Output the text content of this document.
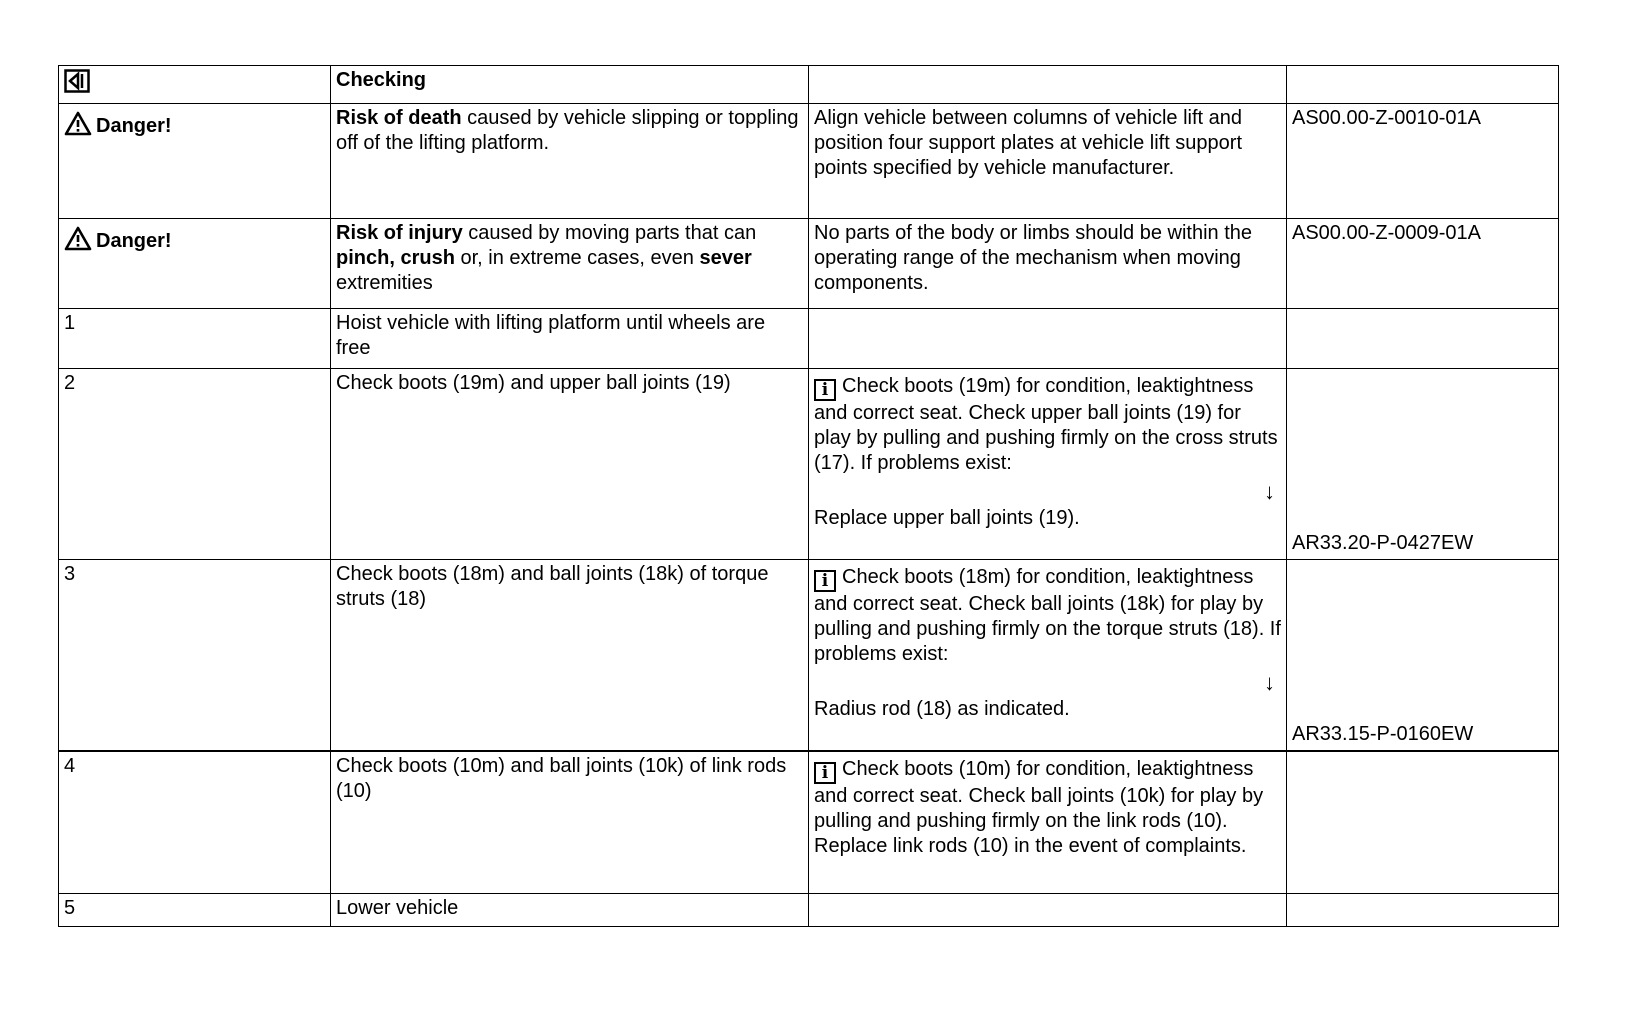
	Checking		
Danger!	Risk of death caused by vehicle slipping or toppling off of the lifting platform.	Align vehicle between columns of vehicle lift and position four support plates at vehicle lift support points specified by vehicle manufacturer.	AS00.00-Z-0010-01A
Danger!	Risk of injury caused by moving parts that can pinch, crush or, in extreme cases, even sever extremities	No parts of the body or limbs should be within the operating range of the mechanism when moving components.	AS00.00-Z-0009-01A
1	Hoist vehicle with lifting platform until wheels are free		
2	Check boots (19m) and upper ball joints (19)	i Check boots (19m) for condition, leaktightness and correct seat. Check upper ball joints (19) for play by pulling and pushing firmly on the cross struts (17). If problems exist:
↓
Replace upper ball joints (19).	AR33.20-P-0427EW

3	Check boots (18m) and ball joints (18k) of torque struts (18)	i Check boots (18m) for condition, leaktightness and correct seat. Check ball joints (18k) for play by pulling and pushing firmly on the torque struts (18). If problems exist:
↓
Radius rod (18) as indicated.	AR33.15-P-0160EW

4	Check boots (10m) and ball joints (10k) of link rods (10)	i Check boots (10m) for condition, leaktightness and correct seat. Check ball joints (10k) for play by pulling and pushing firmly on the link rods (10). Replace link rods (10) in the event of complaints.	
5	Lower vehicle		
